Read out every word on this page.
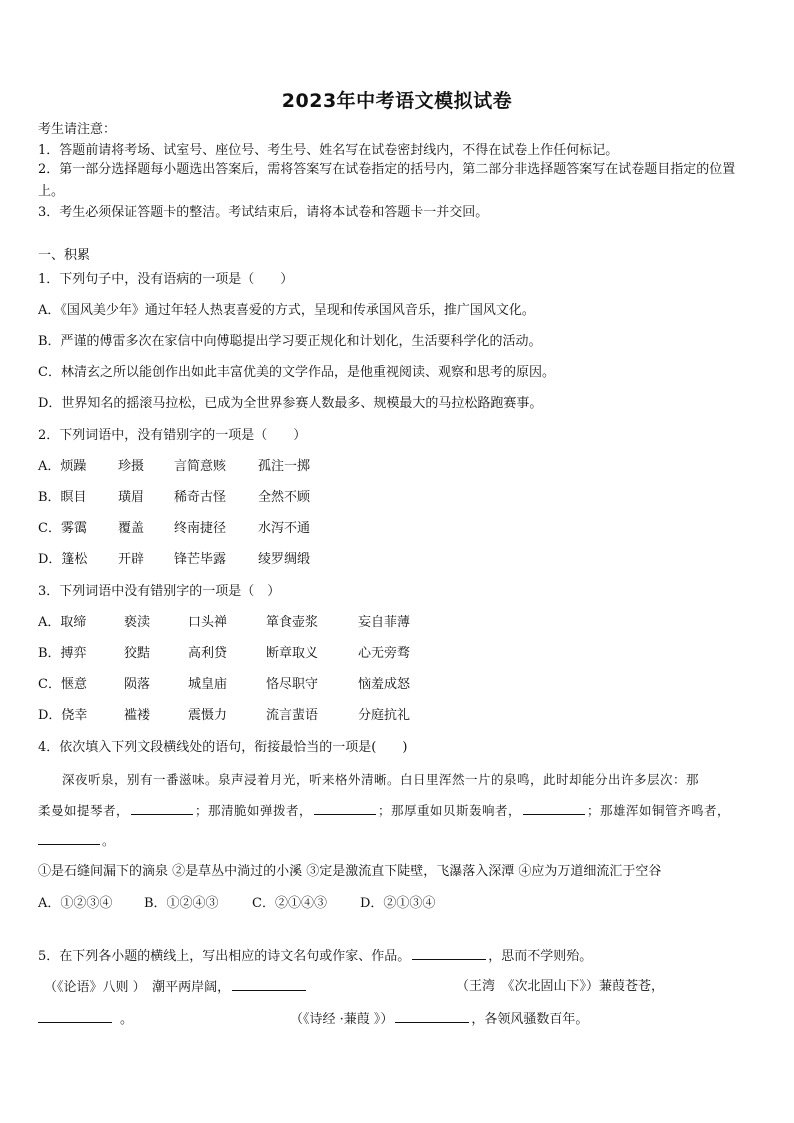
2023年中考语文模拟试卷
考生请注意：
1．答题前请将考场、试室号、座位号、考生号、姓名写在试卷密封线内，不得在试卷上作任何标记。
2．第一部分选择题每小题选出答案后，需将答案写在试卷指定的括号内，第二部分非选择题答案写在试卷题目指定的位置上。
3．考生必须保证答题卡的整洁。考试结束后，请将本试卷和答题卡一并交回。
一、积累
1．下列句子中，没有语病的一项是（　　）
A．《国风美少年》通过年轻人热衷喜爱的方式，呈现和传承国风音乐，推广国风文化。
B．严谨的傅雷多次在家信中向傅聪提出学习要正规化和计划化，生活要科学化的活动。
C．林清玄之所以能创作出如此丰富优美的文学作品，是他重视阅读、观察和思考的原因。
D．世界知名的摇滚马拉松，已成为全世界参赛人数最多、规模最大的马拉松路跑赛事。
2．下列词语中，没有错别字的一项是（　　）
A．烦躁 珍摄 言简意赅 孤注一掷
B．瞑目 璜眉 稀奇古怪 全然不顾
C．雾霭 覆盖 终南捷径 水泻不通
D．篷松 开辟 锋芒毕露 绫罗绸缎
3．下列词语中没有错别字的一项是（　）
A．取缔	亵渎	口头禅	箪食壶浆	妄自菲薄
B．搏弈	狡黠	高利贷	断章取义	心无旁骛
C．惬意	陨落	城皇庙	恪尽职守	恼羞成怒
D．侥幸	褴褛	震慑力	流言蜚语	分庭抗礼
4．依次填入下列文段横线处的语句，衔接最恰当的一项是(　　)
深夜听泉，别有一番滋味。泉声浸着月光，听来格外清晰。白日里浑然一片的泉鸣，此时却能分出许多层次：那
柔曼如提琴者，	；那清脆如弹拨者，	；那厚重如贝斯轰响者，	；那雄浑如铜管齐鸣者，
。
①是石缝间漏下的滴泉 ②是草丛中淌过的小溪 ③定是激流直下陡壁，飞瀑落入深潭 ④应为万道细流汇于空谷
A．①②③④ B．①②④③	C．②①④③	D．②①③④
5．在下列各小题的横线上，写出相应的诗文名句或作家、作品。	，思而不学则殆。
（《论语》八则 ）　潮平两岸阔，	（王湾　《次北固山下》）蒹葭苍苍，
。	（《诗经 ·蒹葭 》）	，各领风骚数百年。
